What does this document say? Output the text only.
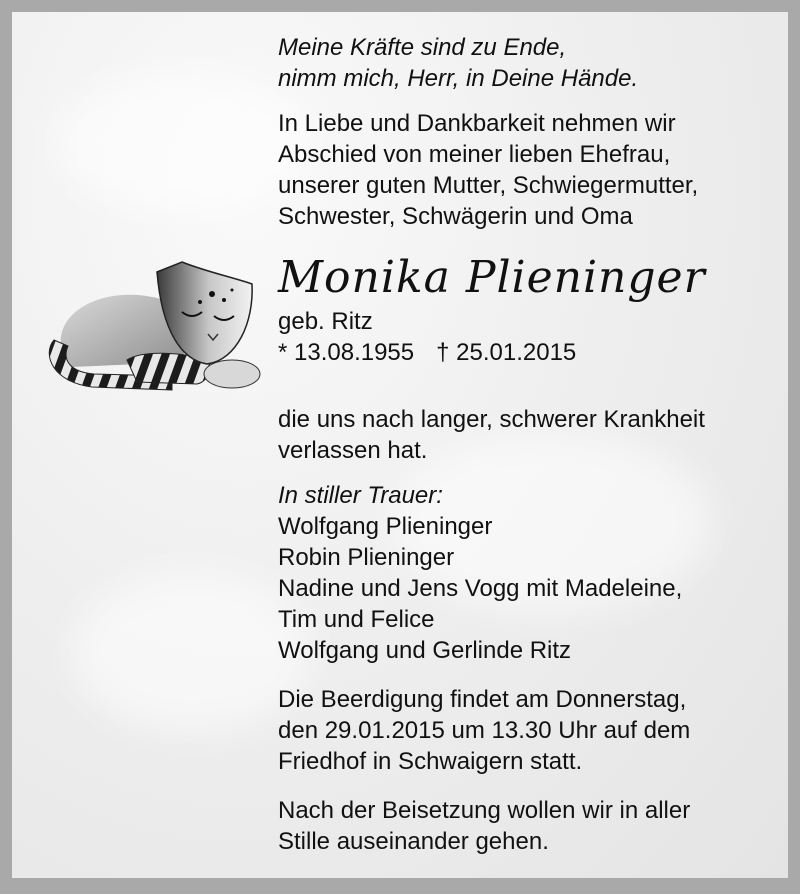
Meine Kräfte sind zu Ende,

nimm mich, Herr, in Deine Hände.

In Liebe und Dankbarkeit nehmen wir

Abschied von meiner lieben Ehefrau,

unserer guten Mutter, Schwiegermutter,

Schwester, Schwägerin und Oma

Monika Plieninger

geb. Ritz

* 13.08.1955 † 25.01.2015

die uns nach langer, schwerer Krankheit

verlassen hat.

In stiller Trauer:

Wolfgang Plieninger

Robin Plieninger

Nadine und Jens Vogg mit Madeleine,

Tim und Felice

Wolfgang und Gerlinde Ritz

Die Beerdigung findet am Donnerstag,

den 29.01.2015 um 13.30 Uhr auf dem

Friedhof in Schwaigern statt.

Nach der Beisetzung wollen wir in aller

Stille auseinander gehen.
